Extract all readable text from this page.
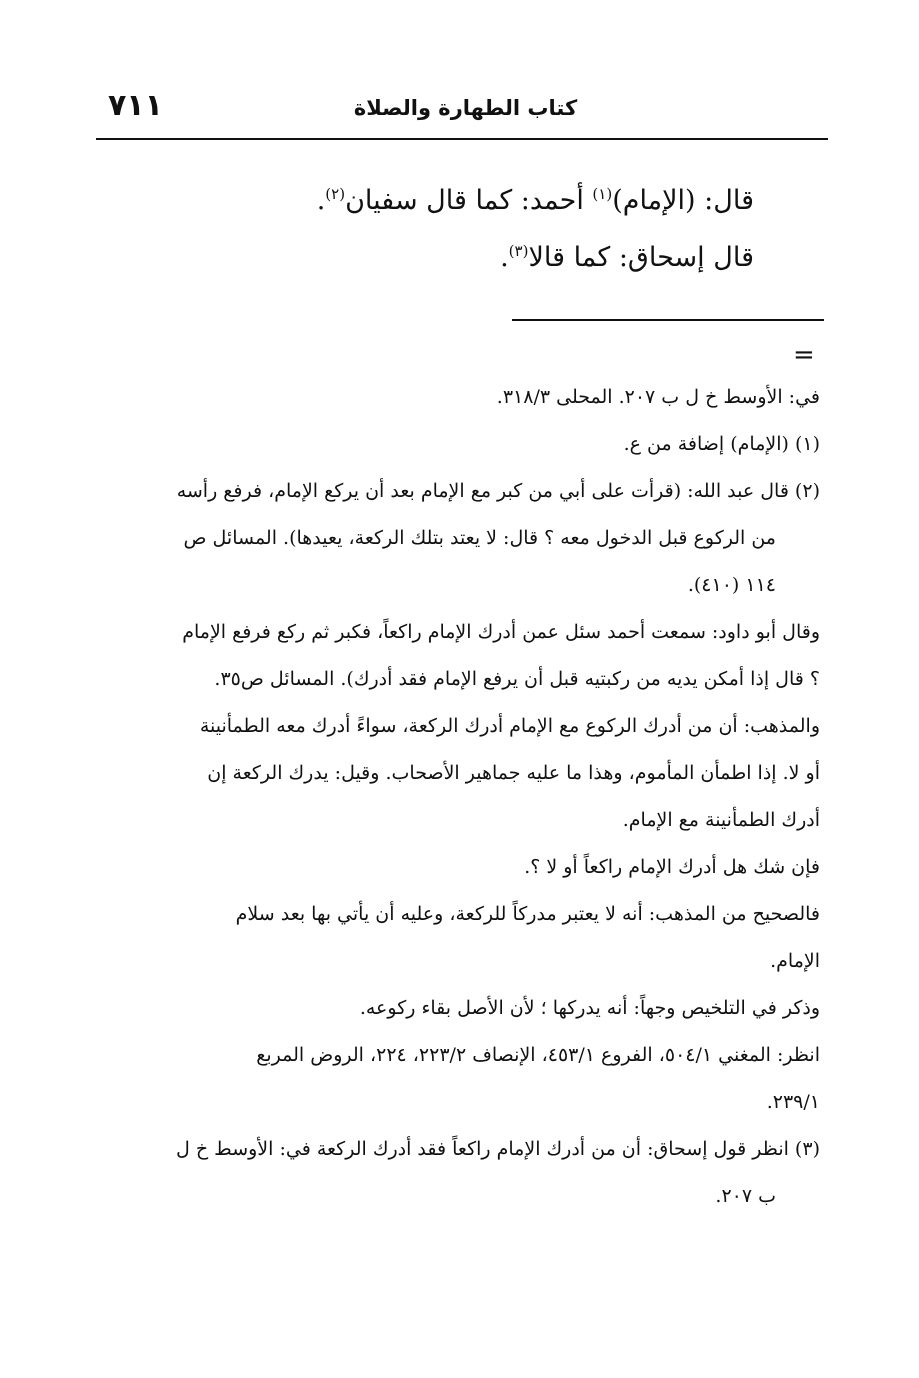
٧١١	كتاب الطهارة والصلاة
قال: (الإمام)$^{(١)}$ أحمد: كما قال سفيان$^{(٢)}$.
قال إسحاق: كما قالا$^{(٣)}$.
=
في: الأوسط خ ل ب ٢٠٧. المحلى ٣١٨/٣.
(١) (الإمام) إضافة من ع.
(٢) قال عبد الله: (قرأت على أبي من كبر مع الإمام بعد أن يركع الإمام، فرفع رأسه
من الركوع قبل الدخول معه ؟ قال: لا يعتد بتلك الركعة، يعيدها). المسائل ص
١١٤ (٤١٠).
وقال أبو داود: سمعت أحمد سئل عمن أدرك الإمام راكعاً، فكبر ثم ركع فرفع الإمام
؟ قال إذا أمكن يديه من ركبتيه قبل أن يرفع الإمام فقد أدرك). المسائل ص٣٥.
والمذهب: أن من أدرك الركوع مع الإمام أدرك الركعة، سواءً أدرك معه الطمأنينة
أو لا. إذا اطمأن المأموم، وهذا ما عليه جماهير الأصحاب. وقيل: يدرك الركعة إن
أدرك الطمأنينة مع الإمام.
فإن شك هل أدرك الإمام راكعاً أو لا ؟.
فالصحيح من المذهب: أنه لا يعتبر مدركاً للركعة، وعليه أن يأتي بها بعد سلام
الإمام.
وذكر في التلخيص وجهاً: أنه يدركها ؛ لأن الأصل بقاء ركوعه.
انظر: المغني ٥٠٤/١، الفروع ٤٥٣/١، الإنصاف ٢٢٣/٢، ٢٢٤، الروض المربع
٢٣٩/١.
(٣) انظر قول إسحاق: أن من أدرك الإمام راكعاً فقد أدرك الركعة في: الأوسط خ ل
ب ٢٠٧.
